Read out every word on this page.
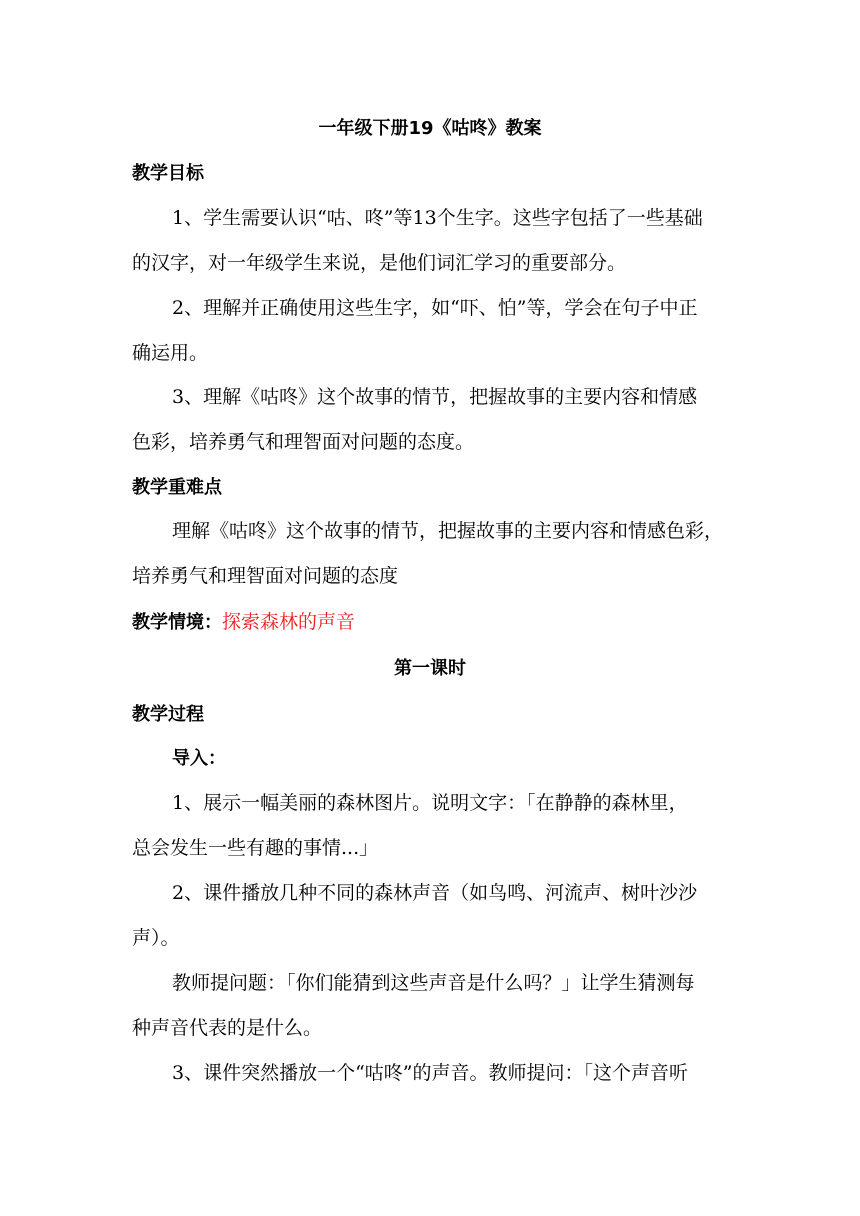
一年级下册19《咕咚》教案
教学目标
1、学生需要认识“咕、咚”等13个生字。这些字包括了一些基础
的汉字，对一年级学生来说，是他们词汇学习的重要部分。
2、理解并正确使用这些生字，如“吓、怕”等，学会在句子中正
确运用。
3、理解《咕咚》这个故事的情节，把握故事的主要内容和情感
色彩，培养勇气和理智面对问题的态度。
教学重难点
理解《咕咚》这个故事的情节，把握故事的主要内容和情感色彩，
培养勇气和理智面对问题的态度
教学情境：探索森林的声音
第一课时
教学过程
导入：
1、展示一幅美丽的森林图片。说明文字：「在静静的森林里，
总会发生一些有趣的事情...」
2、课件播放几种不同的森林声音（如鸟鸣、河流声、树叶沙沙
声）。
教师提问题：「你们能猜到这些声音是什么吗？」让学生猜测每
种声音代表的是什么。
3、课件突然播放一个“咕咚”的声音。教师提问：「这个声音听
